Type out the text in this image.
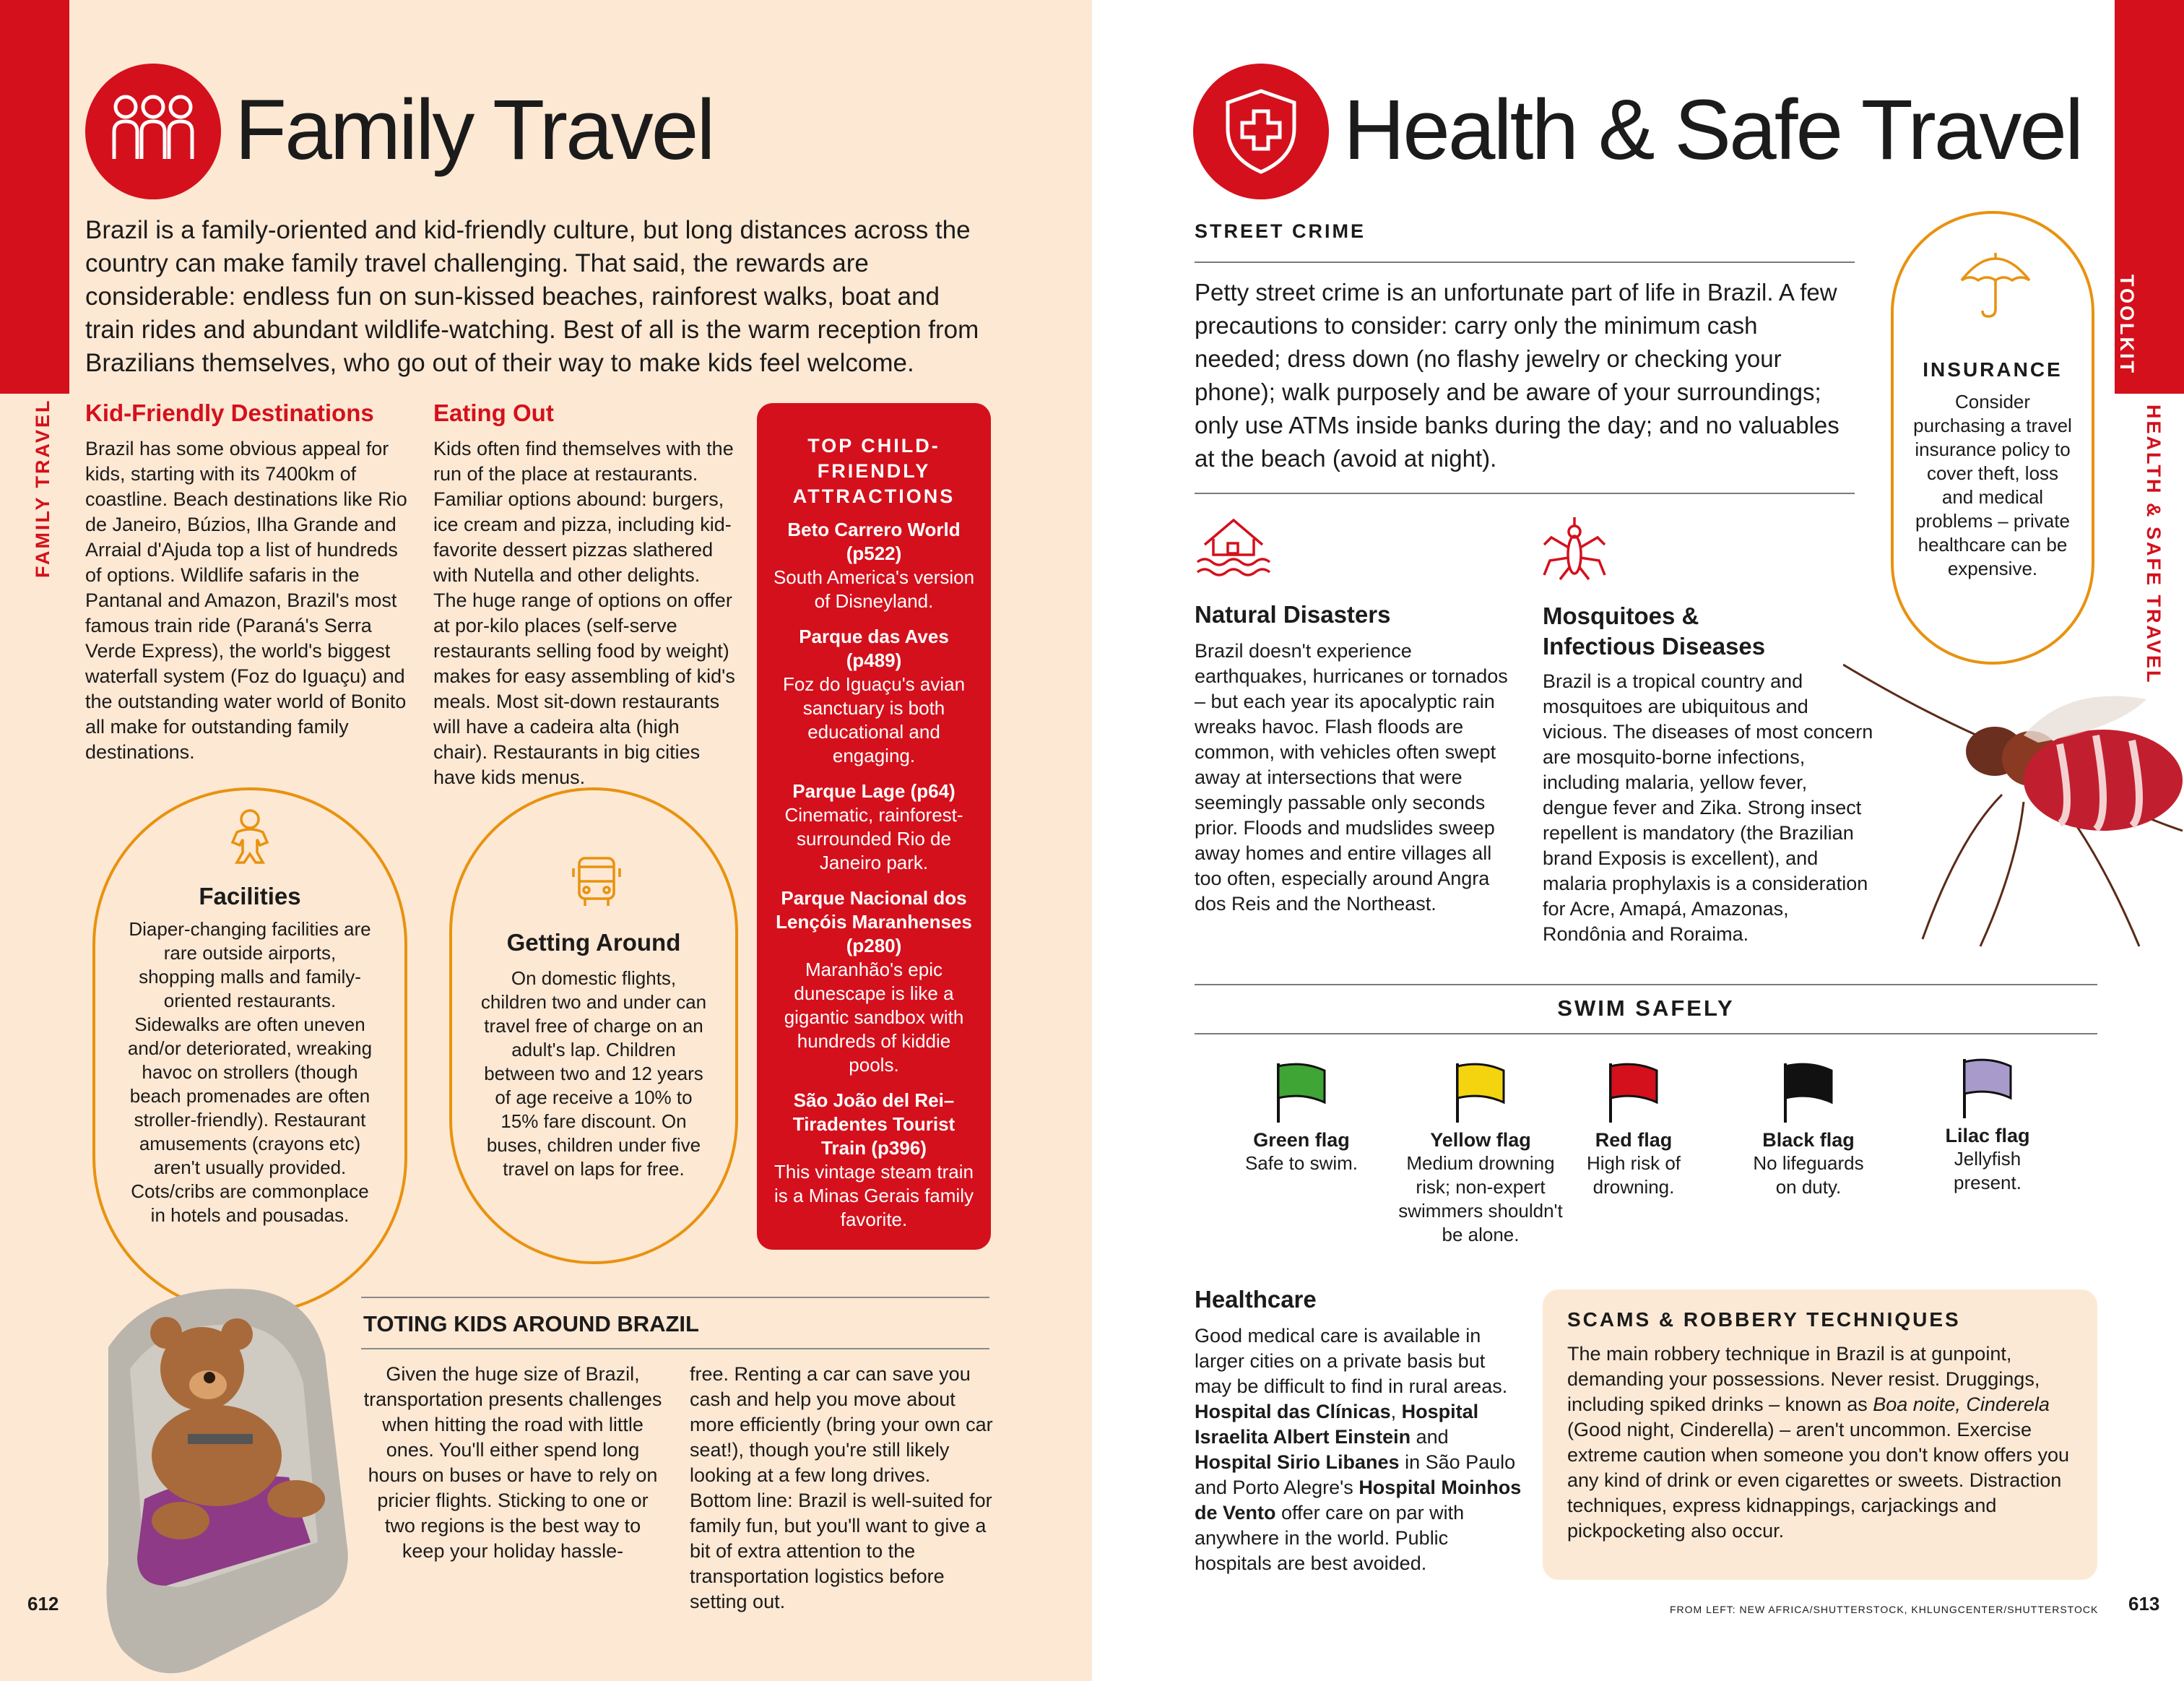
FAMILY TRAVEL
Family Travel
Brazil is a family-oriented and kid-friendly culture, but long distances across the country can make family travel challenging. That said, the rewards are considerable: endless fun on sun-kissed beaches, rainforest walks, boat and train rides and abundant wildlife-watching. Best of all is the warm reception from Brazilians themselves, who go out of their way to make kids feel welcome.
Kid-Friendly Destinations
Brazil has some obvious appeal for kids, starting with its 7400km of coastline. Beach destinations like Rio de Janeiro, Búzios, Ilha Grande and Arraial d'Ajuda top a list of hundreds of options. Wildlife safaris in the Pantanal and Amazon, Brazil's most famous train ride (Paraná's Serra Verde Express), the world's biggest waterfall system (Foz do Iguaçu) and the outstanding water world of Bonito all make for outstanding family destinations.
Eating Out
Kids often find themselves with the run of the place at restaurants. Familiar options abound: burgers, ice cream and pizza, including kid-favorite dessert pizzas slathered with Nutella and other delights. The huge range of options on offer at por-kilo places (self-serve restaurants selling food by weight) makes for easy assembling of kid's meals. Most sit-down restaurants will have a cadeira alta (high chair). Restaurants in big cities have kids menus.
TOP CHILD-FRIENDLY ATTRACTIONS

Beto Carrero World (p522)

South America's version of Disneyland.

Parque das Aves (p489)

Foz do Iguaçu's avian sanctuary is both educational and engaging.

Parque Lage (p64)

Cinematic, rainforest-surrounded Rio de Janeiro park.

Parque Nacional dos Lençóis Maranhenses (p280)

Maranhão's epic dunescape is like a gigantic sandbox with hundreds of kiddie pools.

São João del Rei–Tiradentes Tourist Train (p396)

This vintage steam train is a Minas Gerais family favorite.

Facilities

Diaper-changing facilities are rare outside airports, shopping malls and family-oriented restaurants. Sidewalks are often uneven and/or deteriorated, wreaking havoc on strollers (though beach promenades are often stroller-friendly). Restaurant amusements (crayons etc) aren't usually provided. Cots/cribs are commonplace in hotels and pousadas.

Getting Around

On domestic flights, children two and under can travel free of charge on an adult's lap. Children between two and 12 years of age receive a 10% to 15% fare discount. On buses, children under five travel on laps for free.

TOTING KIDS AROUND BRAZIL
Given the huge size of Brazil, transportation presents challenges when hitting the road with little ones. You'll either spend long hours on buses or have to rely on pricier flights. Sticking to one or two regions is the best way to keep your holiday hassle-
free. Renting a car can save you cash and help you move about more efficiently (bring your own car seat!), though you're still likely looking at a few long drives. Bottom line: Brazil is well-suited for family fun, but you'll want to give a bit of extra attention to the transportation logistics before setting out.
612
TOOLKIT
HEALTH & SAFE TRAVEL
Health & Safe Travel
STREET CRIME
Petty street crime is an unfortunate part of life in Brazil. A few precautions to consider: carry only the minimum cash needed; dress down (no flashy jewelry or checking your phone); walk purposely and be aware of your surroundings; only use ATMs inside banks during the day; and no valuables at the beach (avoid at night).
INSURANCE

Consider purchasing a travel insurance policy to cover theft, loss and medical problems – private healthcare can be expensive.

Natural Disasters
Brazil doesn't experience earthquakes, hurricanes or tornados – but each year its apocalyptic rain wreaks havoc. Flash floods are common, with vehicles often swept away at intersections that were seemingly passable only seconds prior. Floods and mudslides sweep away homes and entire villages all too often, especially around Angra dos Reis and the Northeast.
Mosquitoes &
Infectious Diseases
Brazil is a tropical country and mosquitoes are ubiquitous and vicious. The diseases of most concern are mosquito-borne infections, including malaria, yellow fever, dengue fever and Zika. Strong insect repellent is mandatory (the Brazilian brand Exposis is excellent), and malaria prophylaxis is a consideration for Acre, Amapá, Amazonas, Rondônia and Roraima.
SWIM SAFELY
Green flag
Safe to swim.
Yellow flag
Medium drowning risk; non-expert swimmers shouldn't be alone.
Red flag
High risk of drowning.
Black flag
No lifeguards on duty.
Lilac flag
Jellyfish present.
Healthcare
Good medical care is available in larger cities on a private basis but may be difficult to find in rural areas. Hospital das Clínicas, Hospital Israelita Albert Einstein and Hospital Sirio Libanes in São Paulo and Porto Alegre's Hospital Moinhos de Vento offer care on par with anywhere in the world. Public hospitals are best avoided.
SCAMS & ROBBERY TECHNIQUES
The main robbery technique in Brazil is at gunpoint, demanding your possessions. Never resist. Druggings, including spiked drinks – known as Boa noite, Cinderela (Good night, Cinderella) – aren't uncommon. Exercise extreme caution when someone you don't know offers you any kind of drink or even cigarettes or sweets. Distraction techniques, express kidnappings, carjackings and pickpocketing also occur.
FROM LEFT: NEW AFRICA/SHUTTERSTOCK, KHLUNGCENTER/SHUTTERSTOCK 613
